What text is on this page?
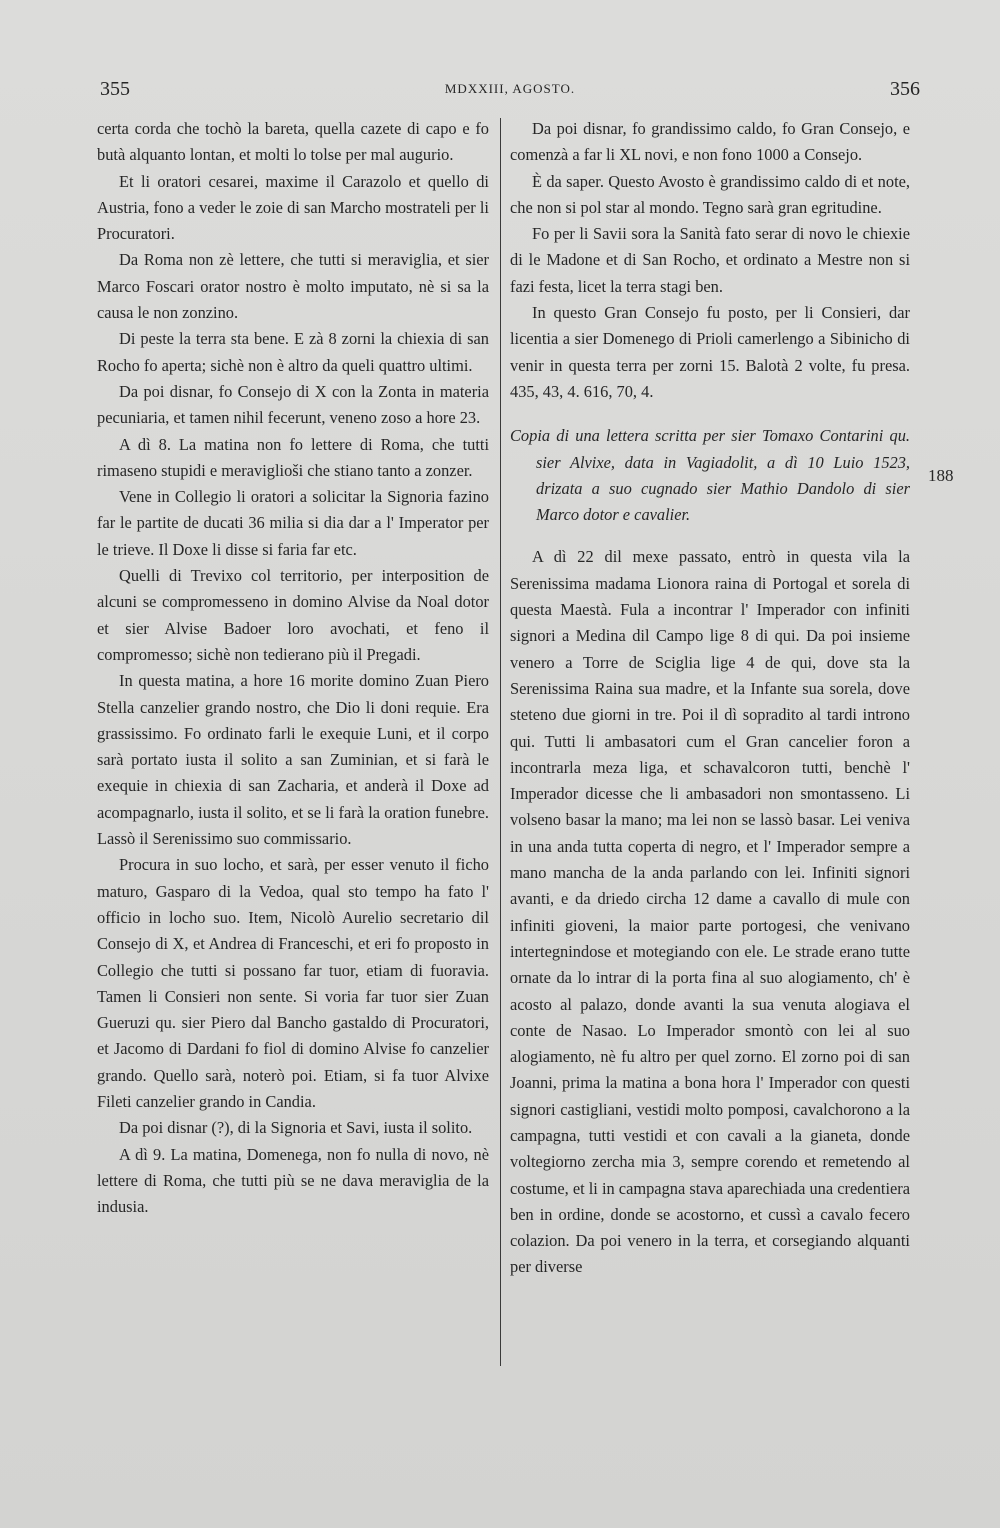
355	MDXXIII, AGOSTO.	356

certa corda che tochò la bareta, quella cazete di capo e fo butà alquanto lontan, et molti lo tolse per mal augurio.

Et li oratori cesarei, maxime il Carazolo et quello di Austria, fono a veder le zoie di san Marcho mostrateli per li Procuratori.

Da Roma non zè lettere, che tutti si meraviglia, et sier Marco Foscari orator nostro è molto imputato, nè si sa la causa le non zonzino.

Di peste la terra sta bene. E zà 8 zorni la chiexia di san Rocho fo aperta; sichè non è altro da queli quattro ultimi.

Da poi disnar, fo Consejo di X con la Zonta in materia pecuniaria, et tamen nihil fecerunt, veneno zoso a hore 23.

A dì 8. La matina non fo lettere di Roma, che tutti rimaseno stupidi e meraviglioši che stiano tanto a zonzer.

Vene in Collegio li oratori a solicitar la Signoria fazino far le partite de ducati 36 milia si dia dar a l' Imperator per le trieve. Il Doxe li disse si faria far etc.

Quelli di Trevixo col territorio, per interposition de alcuni se compromesseno in domino Alvise da Noal dotor et sier Alvise Badoer loro avochati, et feno il compromesso; sichè non tedierano più il Pregadi.

In questa matina, a hore 16 morite domino Zuan Piero Stella canzelier grando nostro, che Dio li doni requie. Era grassissimo. Fo ordinato farli le exequie Luni, et il corpo sarà portato iusta il solito a san Zuminian, et si farà le exequie in chiexia di san Zacharia, et anderà il Doxe ad acompagnarlo, iusta il solito, et se li farà la oration funebre. Lassò il Serenissimo suo commissario.

Procura in suo locho, et sarà, per esser venuto il ficho maturo, Gasparo di la Vedoa, qual sto tempo ha fato l' officio in locho suo. Item, Nicolò Aurelio secretario dil Consejo di X, et Andrea di Franceschi, et eri fo proposto in Collegio che tutti si possano far tuor, etiam di fuoravia. Tamen li Consieri non sente. Si voria far tuor sier Zuan Gueruzi qu. sier Piero dal Bancho gastaldo di Procuratori, et Jacomo di Dardani fo fiol di domino Alvise fo canzelier grando. Quello sarà, noterò poi. Etiam, si fa tuor Alvixe Fileti canzelier grando in Candia.

Da poi disnar (?), di la Signoria et Savi, iusta il solito.

A dì 9. La matina, Domenega, non fo nulla di novo, nè lettere di Roma, che tutti più se ne dava meraviglia de la indusia.

Da poi disnar, fo grandissimo caldo, fo Gran Consejo, e comenzà a far li XL novi, e non fono 1000 a Consejo.

È da saper. Questo Avosto è grandissimo caldo di et note, che non si pol star al mondo. Tegno sarà gran egritudine.

Fo per li Savii sora la Sanità fato serar di novo le chiexie di le Madone et di San Rocho, et ordinato a Mestre non si fazi festa, licet la terra stagi ben.

In questo Gran Consejo fu posto, per li Consieri, dar licentia a sier Domenego di Prioli camerlengo a Sibinicho di venir in questa terra per zorni 15. Balotà 2 volte, fu presa. 435, 43, 4. 616, 70, 4.

Copia di una lettera scritta per sier Tomaxo Contarini qu. sier Alvixe, data in Vagiadolit, a dì 10 Luio 1523, drizata a suo cugnado sier Mathio Dandolo di sier Marco dotor e cavalier.

A dì 22 dil mexe passato, entrò in questa vila la Serenissima madama Lionora raina di Portogal et sorela di questa Maestà. Fula a incontrar l' Imperador con infiniti signori a Medina dil Campo lige 8 di qui. Da poi insieme venero a Torre de Sciglia lige 4 de qui, dove sta la Serenissima Raina sua madre, et la Infante sua sorela, dove steteno due giorni in tre. Poi il dì sopradito al tardi introno qui. Tutti li ambasatori cum el Gran cancelier foron a incontrarla meza liga, et schavalcoron tutti, benchè l' Imperador dicesse che li ambasadori non smontasseno. Li volseno basar la mano; ma lei non se lassò basar. Lei veniva in una anda tutta coperta di negro, et l' Imperador sempre a mano mancha de la anda parlando con lei. Infiniti signori avanti, e da driedo circha 12 dame a cavallo di mule con infiniti gioveni, la maior parte portogesi, che venivano intertegnindose et motegiando con ele. Le strade erano tutte ornate da lo intrar di la porta fina al suo alogiamento, ch' è acosto al palazo, donde avanti la sua venuta alogiava el conte de Nasao. Lo Imperador smontò con lei al suo alogiamento, nè fu altro per quel zorno. El zorno poi di san Joanni, prima la matina a bona hora l' Imperador con questi signori castigliani, vestidi molto pomposi, cavalchorono a la campagna, tutti vestidi et con cavali a la gianeta, donde voltegiorno zercha mia 3, sempre corendo et remetendo al costume, et li in campagna stava aparechiada una credentiera ben in ordine, donde se acostorno, et cussì a cavalo fecero colazion. Da poi venero in la terra, et corsegiando alquanti per diverse

188
